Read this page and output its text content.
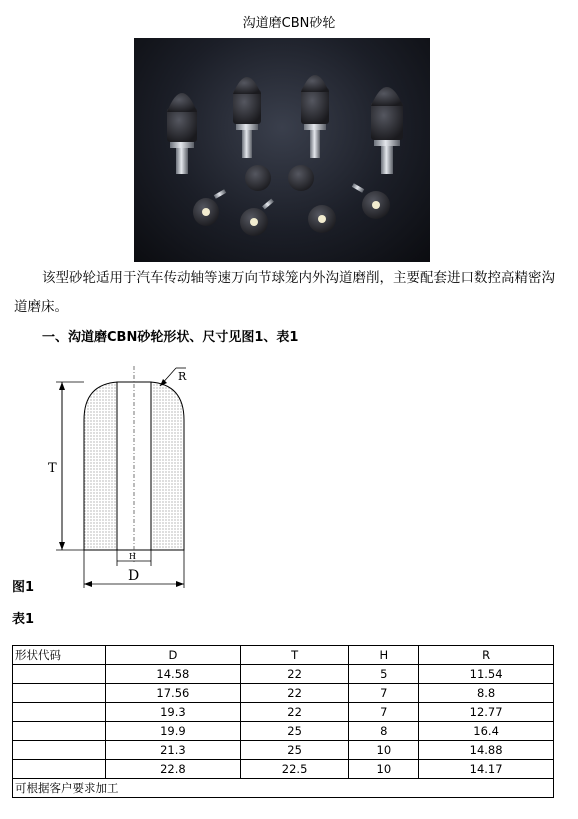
沟道磨CBN砂轮
该型砂轮适用于汽车传动轴等速万向节球笼内外沟道磨削，主要配套进口数控高精密沟道磨床。
一、沟道磨CBN砂轮形状、尺寸见图1、表1
T
R
H
D
图1
表1
形状代码	D	T	H	R
	14.58	22	5	11.54
	17.56	22	7	8.8
	19.3	22	7	12.77
	19.9	25	8	16.4
	21.3	25	10	14.88
	22.8	22.5	10	14.17
可根据客户要求加工				
